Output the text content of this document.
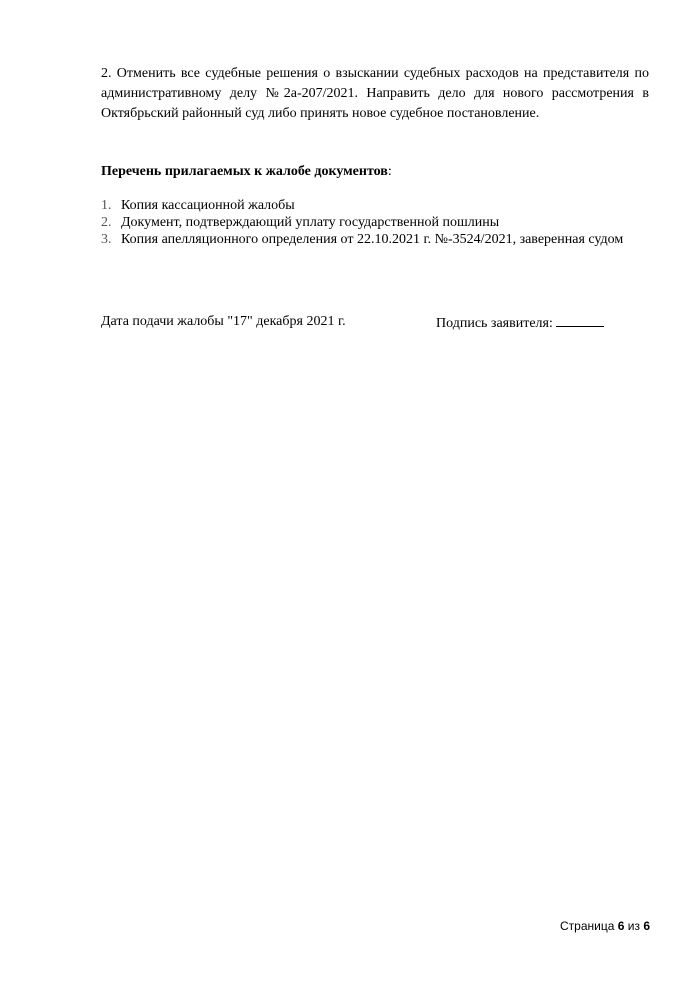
2. Отменить все судебные решения о взыскании судебных расходов на представителя по
административному делу №2а-207/2021. Направить дело для нового рассмотрения в
Октябрьский районный суд либо принять новое судебное постановление.
Перечень прилагаемых к жалобе документов:
1. Копия кассационной жалобы
2. Документ, подтверждающий уплату государственной пошлины
3. Копия апелляционного определения от 22.10.2021 г. №-3524/2021, заверенная судом
Дата подачи жалобы "17" декабря 2021 г.	Подпись заявителя:
Страница 6 из 6
